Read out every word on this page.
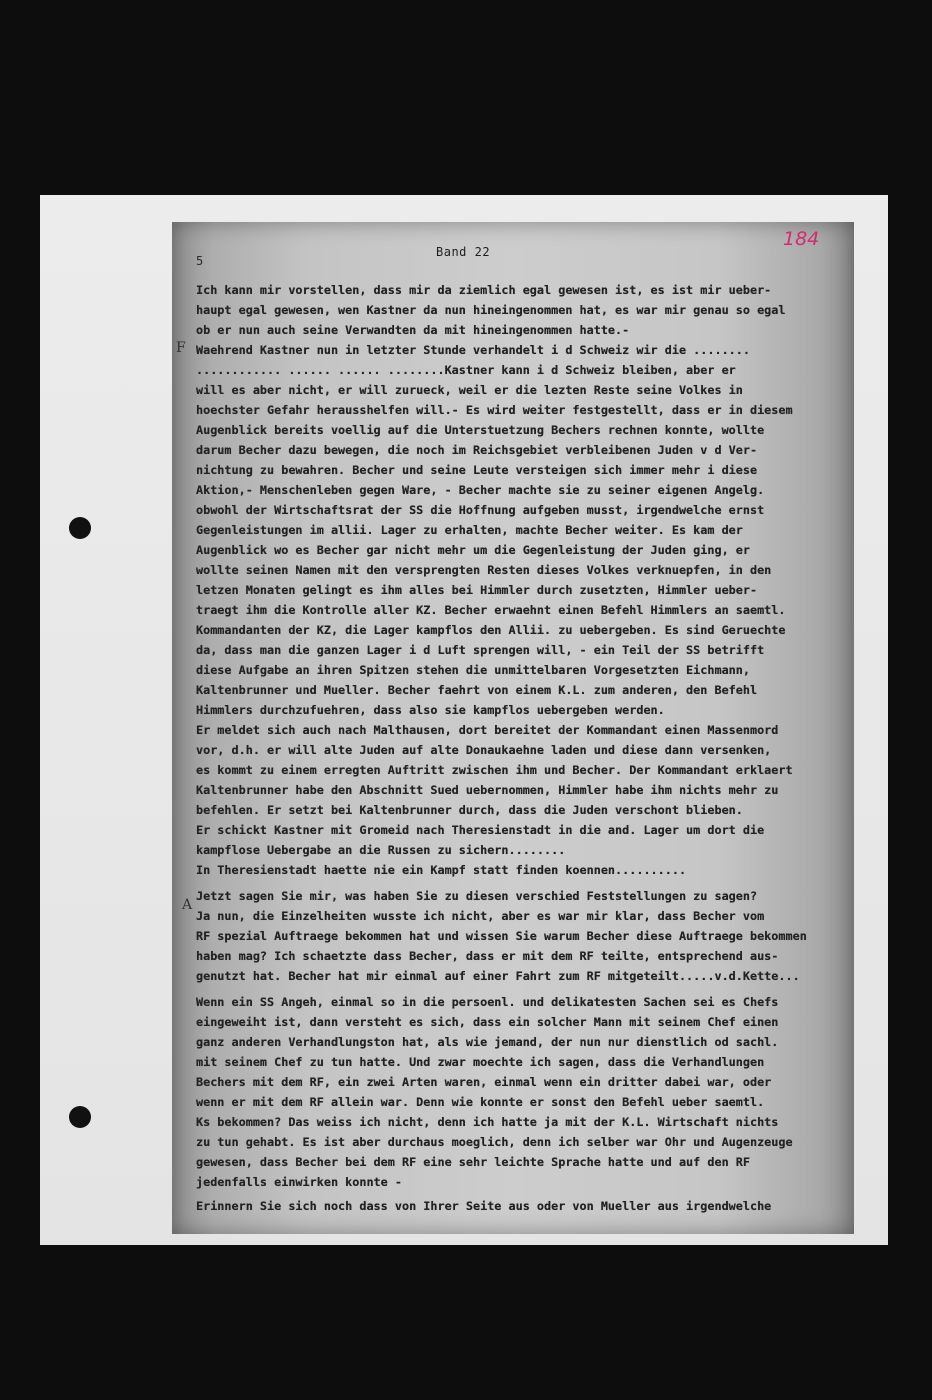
5
Band 22
184
F
A
Ich kann mir vorstellen, dass mir da ziemlich egal gewesen ist, es ist mir ueber-
haupt egal gewesen, wen Kastner da nun hineingenommen hat, es war mir genau so egal
ob er nun auch seine Verwandten da mit hineingenommen hatte.-
Waehrend Kastner nun in letzter Stunde verhandelt i d Schweiz wir die ........
............ ...... ...... ........Kastner kann i d Schweiz bleiben, aber er
will es aber nicht, er will zurueck, weil er die lezten Reste seine Volkes in
hoechster Gefahr herausshelfen will.- Es wird weiter festgestellt, dass er in diesem
Augenblick bereits voellig auf die Unterstuetzung Bechers rechnen konnte, wollte
darum Becher dazu bewegen, die noch im Reichsgebiet verbleibenen Juden v d Ver-
nichtung zu bewahren. Becher und seine Leute versteigen sich immer mehr i diese
Aktion,- Menschenleben gegen Ware, - Becher machte sie zu seiner eigenen Angelg.
obwohl der Wirtschaftsrat der SS die Hoffnung aufgeben musst, irgendwelche ernst
Gegenleistungen im allii. Lager zu erhalten, machte Becher weiter. Es kam der
Augenblick wo es Becher gar nicht mehr um die Gegenleistung der Juden ging, er
wollte seinen Namen mit den versprengten Resten dieses Volkes verknuepfen, in den
letzen Monaten gelingt es ihm alles bei Himmler durch zusetzten, Himmler ueber-
traegt ihm die Kontrolle aller KZ. Becher erwaehnt einen Befehl Himmlers an saemtl.
Kommandanten der KZ, die Lager kampflos den Allii. zu uebergeben. Es sind Geruechte
da, dass man die ganzen Lager i d Luft sprengen will, - ein Teil der SS betrifft
diese Aufgabe an ihren Spitzen stehen die unmittelbaren Vorgesetzten Eichmann,
Kaltenbrunner und Mueller. Becher faehrt von einem K.L. zum anderen, den Befehl
Himmlers durchzufuehren, dass also sie kampflos uebergeben werden.
Er meldet sich auch nach Malthausen, dort bereitet der Kommandant einen Massenmord
vor, d.h. er will alte Juden auf alte Donaukaehne laden und diese dann versenken,
es kommt zu einem erregten Auftritt zwischen ihm und Becher. Der Kommandant erklaert
Kaltenbrunner habe den Abschnitt Sued uebernommen, Himmler habe ihm nichts mehr zu
befehlen. Er setzt bei Kaltenbrunner durch, dass die Juden verschont blieben.
Er schickt Kastner mit Gromeid nach Theresienstadt in die and. Lager um dort die
kampflose Uebergabe an die Russen zu sichern........
In Theresienstadt haette nie ein Kampf statt finden koennen..........
Jetzt sagen Sie mir, was haben Sie zu diesen verschied Feststellungen zu sagen?
Ja nun, die Einzelheiten wusste ich nicht, aber es war mir klar, dass Becher vom
RF spezial Auftraege bekommen hat und wissen Sie warum Becher diese Auftraege bekommen
haben mag? Ich schaetzte dass Becher, dass er mit dem RF teilte, entsprechend aus-
genutzt hat. Becher hat mir einmal auf einer Fahrt zum RF mitgeteilt.....v.d.Kette...
Wenn ein SS Angeh, einmal so in die persoenl. und delikatesten Sachen sei es Chefs
eingeweiht ist, dann versteht es sich, dass ein solcher Mann mit seinem Chef einen
ganz anderen Verhandlungston hat, als wie jemand, der nun nur dienstlich od sachl.
mit seinem Chef zu tun hatte. Und zwar moechte ich sagen, dass die Verhandlungen
Bechers mit dem RF, ein zwei Arten waren, einmal wenn ein dritter dabei war, oder
wenn er mit dem RF allein war. Denn wie konnte er sonst den Befehl ueber saemtl.
Ks bekommen? Das weiss ich nicht, denn ich hatte ja mit der K.L. Wirtschaft nichts
zu tun gehabt. Es ist aber durchaus moeglich, denn ich selber war Ohr und Augenzeuge
gewesen, dass Becher bei dem RF eine sehr leichte Sprache hatte und auf den RF
jedenfalls einwirken konnte -
Erinnern Sie sich noch dass von Ihrer Seite aus oder von Mueller aus irgendwelche
